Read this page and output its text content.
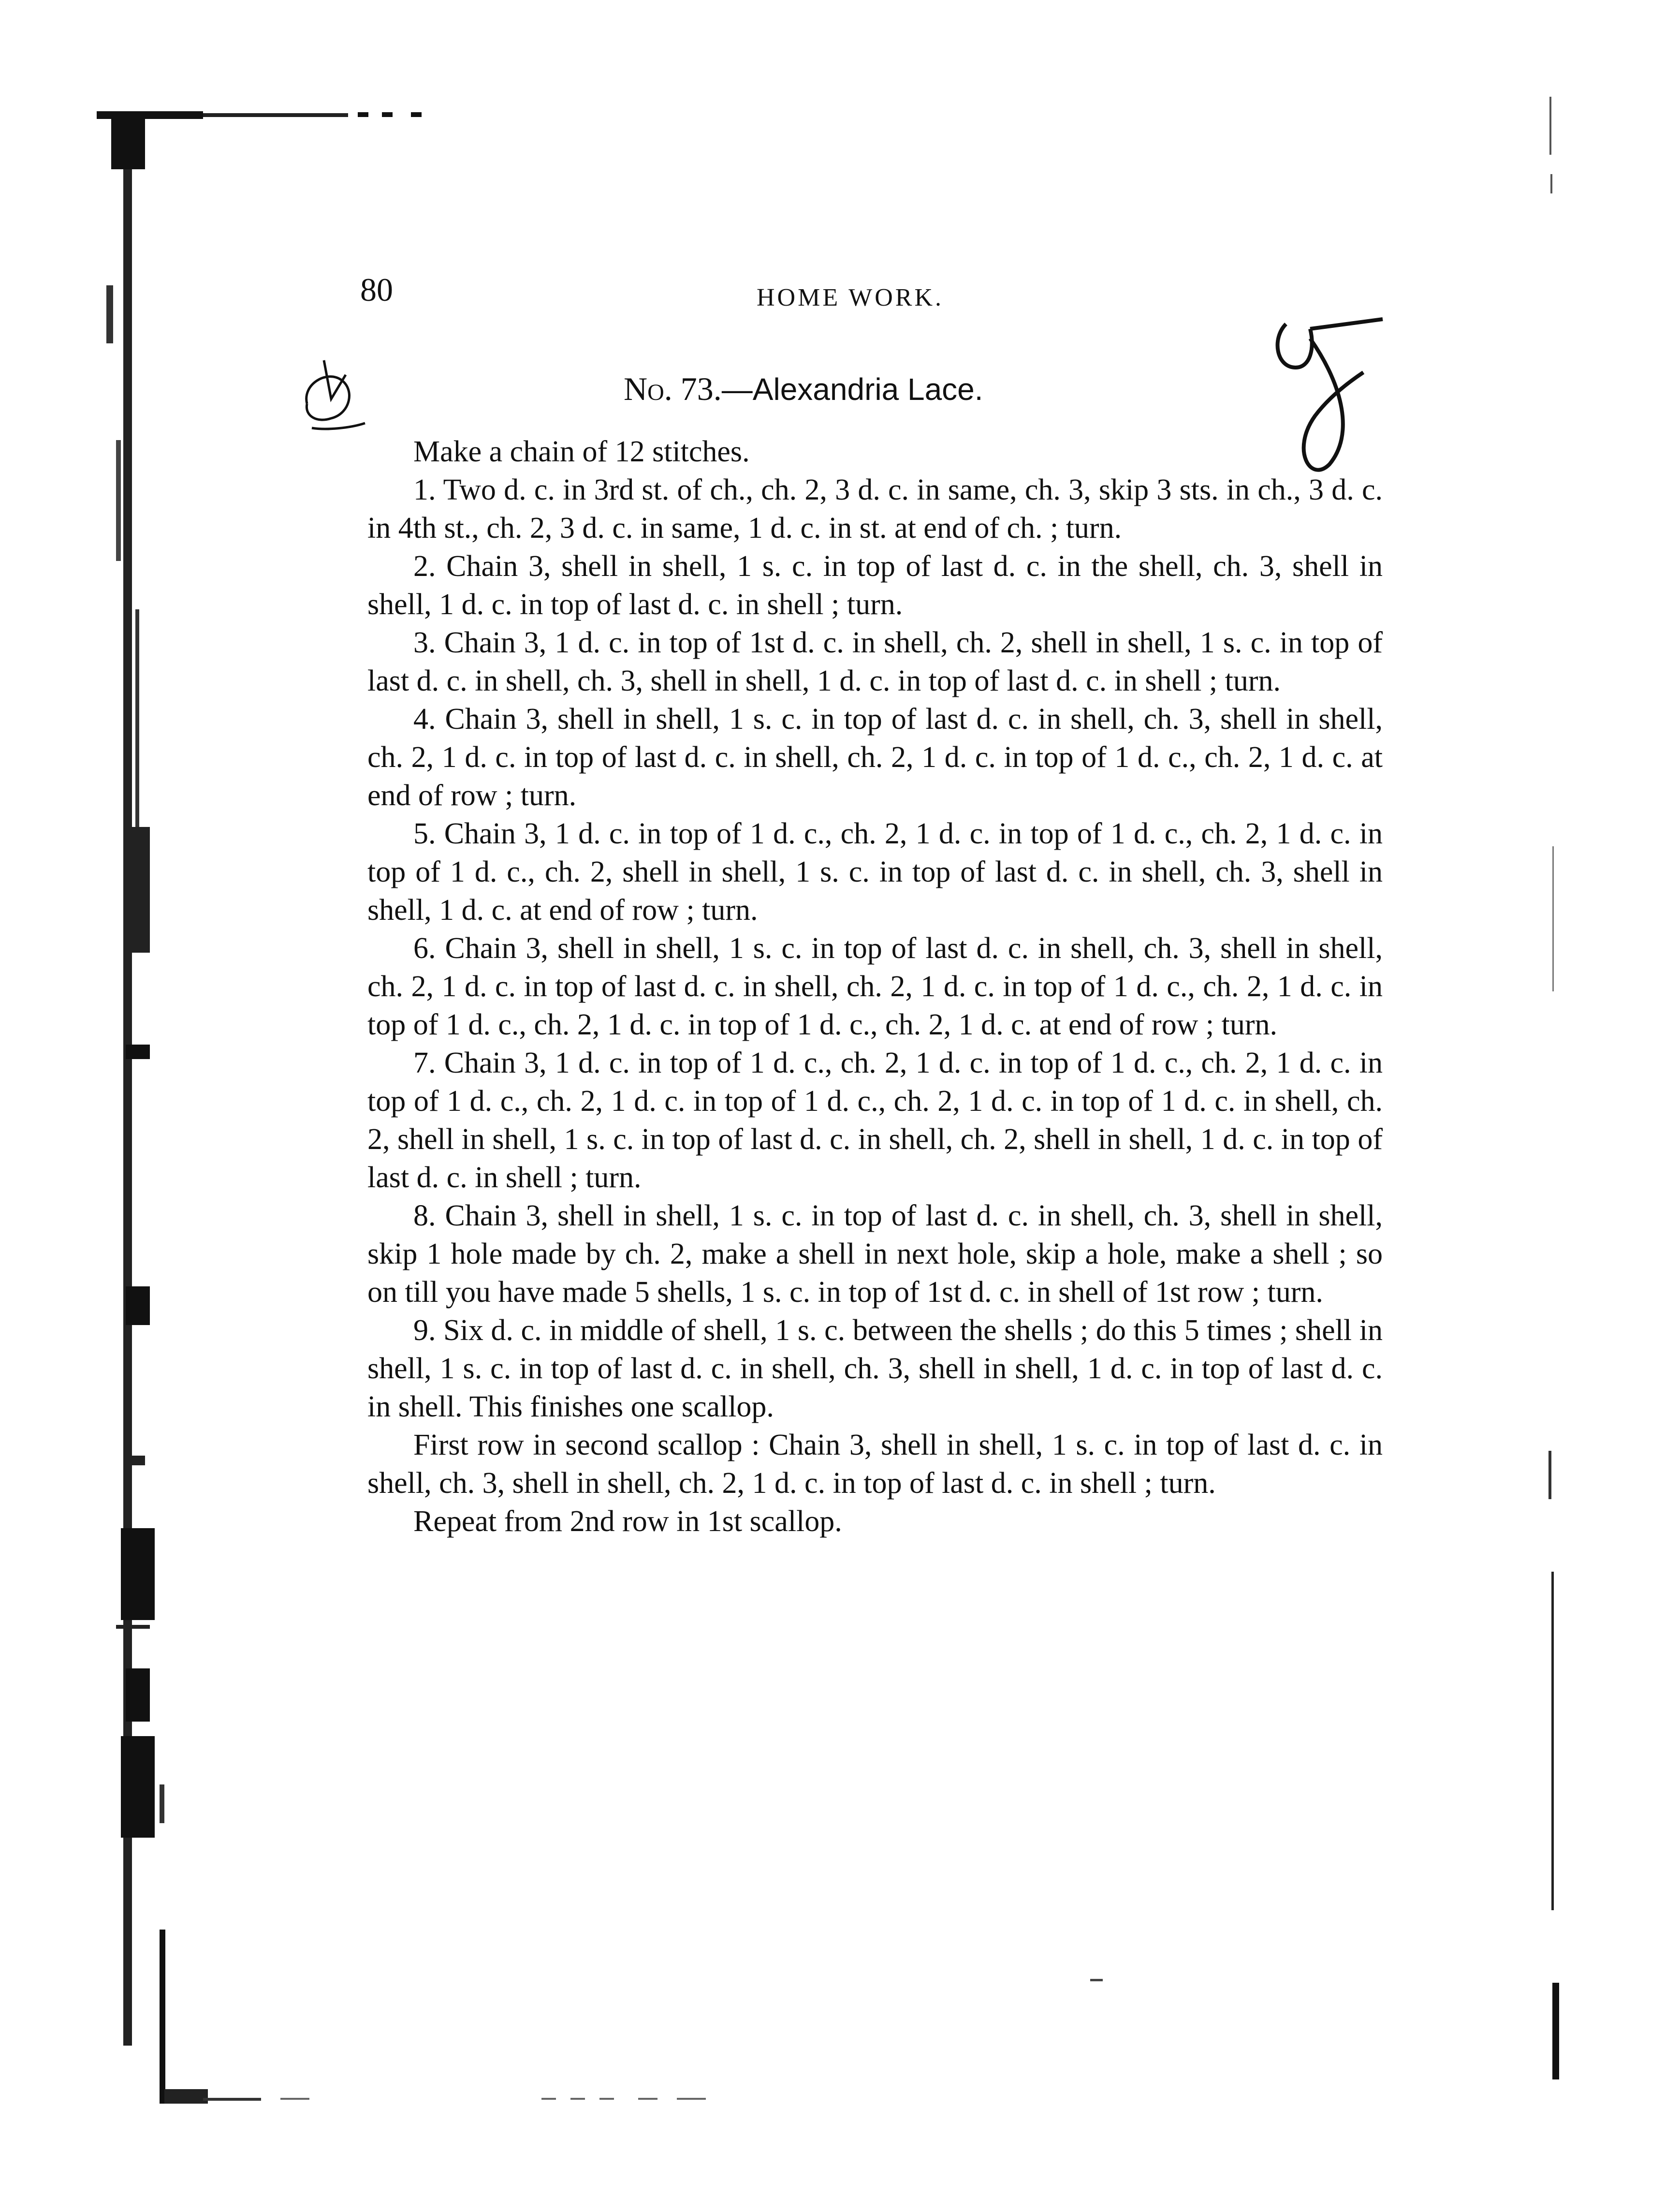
80	HOME WORK.
No. 73.—Alexandria Lace.

Make a chain of 12 stitches.

1. Two d. c. in 3rd st. of ch., ch. 2, 3 d. c. in same, ch. 3, skip 3 sts. in ch., 3 d. c. in 4th st., ch. 2, 3 d. c. in same, 1 d. c. in st. at end of ch. ; turn.

2. Chain 3, shell in shell, 1 s. c. in top of last d. c. in the shell, ch. 3, shell in shell, 1 d. c. in top of last d. c. in shell ; turn.

3. Chain 3, 1 d. c. in top of 1st d. c. in shell, ch. 2, shell in shell, 1 s. c. in top of last d. c. in shell, ch. 3, shell in shell, 1 d. c. in top of last d. c. in shell ; turn.

4. Chain 3, shell in shell, 1 s. c. in top of last d. c. in shell, ch. 3, shell in shell, ch. 2, 1 d. c. in top of last d. c. in shell, ch. 2, 1 d. c. in top of 1 d. c., ch. 2, 1 d. c. at end of row ; turn.

5. Chain 3, 1 d. c. in top of 1 d. c., ch. 2, 1 d. c. in top of 1 d. c., ch. 2, 1 d. c. in top of 1 d. c., ch. 2, shell in shell, 1 s. c. in top of last d. c. in shell, ch. 3, shell in shell, 1 d. c. at end of row ; turn.

6. Chain 3, shell in shell, 1 s. c. in top of last d. c. in shell, ch. 3, shell in shell, ch. 2, 1 d. c. in top of last d. c. in shell, ch. 2, 1 d. c. in top of 1 d. c., ch. 2, 1 d. c. in top of 1 d. c., ch. 2, 1 d. c. in top of 1 d. c., ch. 2, 1 d. c. at end of row ; turn.

7. Chain 3, 1 d. c. in top of 1 d. c., ch. 2, 1 d. c. in top of 1 d. c., ch. 2, 1 d. c. in top of 1 d. c., ch. 2, 1 d. c. in top of 1 d. c., ch. 2, 1 d. c. in top of 1 d. c. in shell, ch. 2, shell in shell, 1 s. c. in top of last d. c. in shell, ch. 2, shell in shell, 1 d. c. in top of last d. c. in shell ; turn.

8. Chain 3, shell in shell, 1 s. c. in top of last d. c. in shell, ch. 3, shell in shell, skip 1 hole made by ch. 2, make a shell in next hole, skip a hole, make a shell ; so on till you have made 5 shells, 1 s. c. in top of 1st d. c. in shell of 1st row ; turn.

9. Six d. c. in middle of shell, 1 s. c. between the shells ; do this 5 times ; shell in shell, 1 s. c. in top of last d. c. in shell, ch. 3, shell in shell, 1 d. c. in top of last d. c. in shell. This finishes one scallop.

First row in second scallop : Chain 3, shell in shell, 1 s. c. in top of last d. c. in shell, ch. 3, shell in shell, ch. 2, 1 d. c. in top of last d. c. in shell ; turn.

Repeat from 2nd row in 1st scallop.
